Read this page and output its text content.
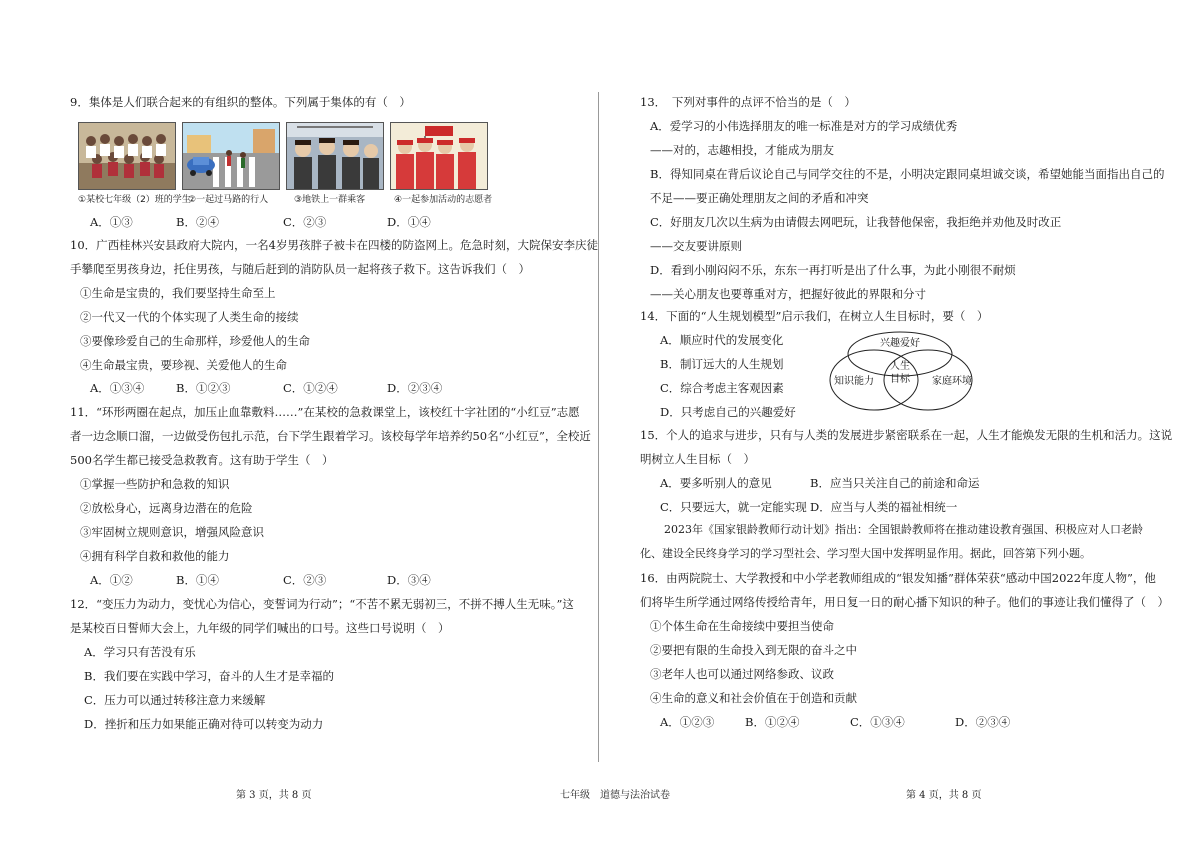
9．集体是人们联合起来的有组织的整体。下列属于集体的有（　）
①某校七年级（2）班的学生
②一起过马路的行人	③地铁上一群乘客	④一起参加活动的志愿者
A．①③	B．②④	C．②③	D．①④
10．广西桂林兴安县政府大院内，一名4岁男孩胖子被卡在四楼的防盗网上。危急时刻，大院保安李庆徒
手攀爬至男孩身边，托住男孩，与随后赶到的消防队员一起将孩子救下。这告诉我们（　）
①生命是宝贵的，我们要坚持生命至上
②一代又一代的个体实现了人类生命的接续
③要像珍爱自己的生命那样，珍爱他人的生命
④生命最宝贵，要珍视、关爱他人的生命
A．①③④	B．①②③	C．①②④	D．②③④
11．“环形两圈在起点，加压止血靠敷料……”在某校的急救课堂上，该校红十字社团的“小红豆”志愿
者一边念顺口溜，一边做受伤包扎示范，台下学生跟着学习。该校每学年培养约50名“小红豆”，全校近
500名学生都已接受急救教育。这有助于学生（　）
①掌握一些防护和急救的知识
②放松身心，远离身边潜在的危险
③牢固树立规则意识，增强风险意识
④拥有科学自救和救他的能力
A．①②	B．①④	C．②③	D．③④
12．“变压力为动力，变忧心为信心，变誓词为行动”；“不苦不累无弱初三，不拼不搏人生无味。”这
是某校百日誓师大会上，九年级的同学们喊出的口号。这些口号说明（　）
A．学习只有苦没有乐
B．我们要在实践中学习，奋斗的人生才是幸福的
C．压力可以通过转移注意力来缓解
D．挫折和压力如果能正确对待可以转变为动力
13．　下列对事件的点评不恰当的是（　）
A．爱学习的小伟选择朋友的唯一标准是对方的学习成绩优秀
——对的，志趣相投，才能成为朋友
B．得知同桌在背后议论自己与同学交往的不是，小明决定跟同桌坦诚交谈，希望她能当面指出自己的
不足——要正确处理朋友之间的矛盾和冲突
C．好朋友几次以生病为由请假去网吧玩，让我替他保密，我拒绝并劝他及时改正
——交友要讲原则
D．看到小刚闷闷不乐，东东一再打听是出了什么事，为此小刚很不耐烦
——关心朋友也要尊重对方，把握好彼此的界限和分寸
14．下面的“人生规划模型”启示我们，在树立人生目标时，要（　）
A．顺应时代的发展变化
B．制订远大的人生规划
C．综合考虑主客观因素
D．只考虑自己的兴趣爱好
兴趣爱好
知识能力	家庭环境
人生
目标
15．个人的追求与进步，只有与人类的发展进步紧密联系在一起，人生才能焕发无限的生机和活力。这说
明树立人生目标（　）
A．要多听别人的意见	B．应当只关注自己的前途和命运
C．只要远大，就一定能实现 D．应当与人类的福祉相统一
2023年《国家银龄教师行动计划》指出：全国银龄教师将在推动建设教育强国、积极应对人口老龄
化、建设全民终身学习的学习型社会、学习型大国中发挥明显作用。据此，回答第下列小题。
16．由两院院士、大学教授和中小学老教师组成的“银发知播”群体荣获“感动中国2022年度人物”，他
们将毕生所学通过网络传授给青年，用日复一日的耐心播下知识的种子。他们的事迹让我们懂得了（　）
①个体生命在生命接续中要担当使命
②要把有限的生命投入到无限的奋斗之中
③老年人也可以通过网络参政、议政
④生命的意义和社会价值在于创造和贡献
A．①②③	B．①②④	C．①③④	D．②③④
第 3 页，共 8 页	七年级　道德与法治试卷	第 4 页，共 8 页
